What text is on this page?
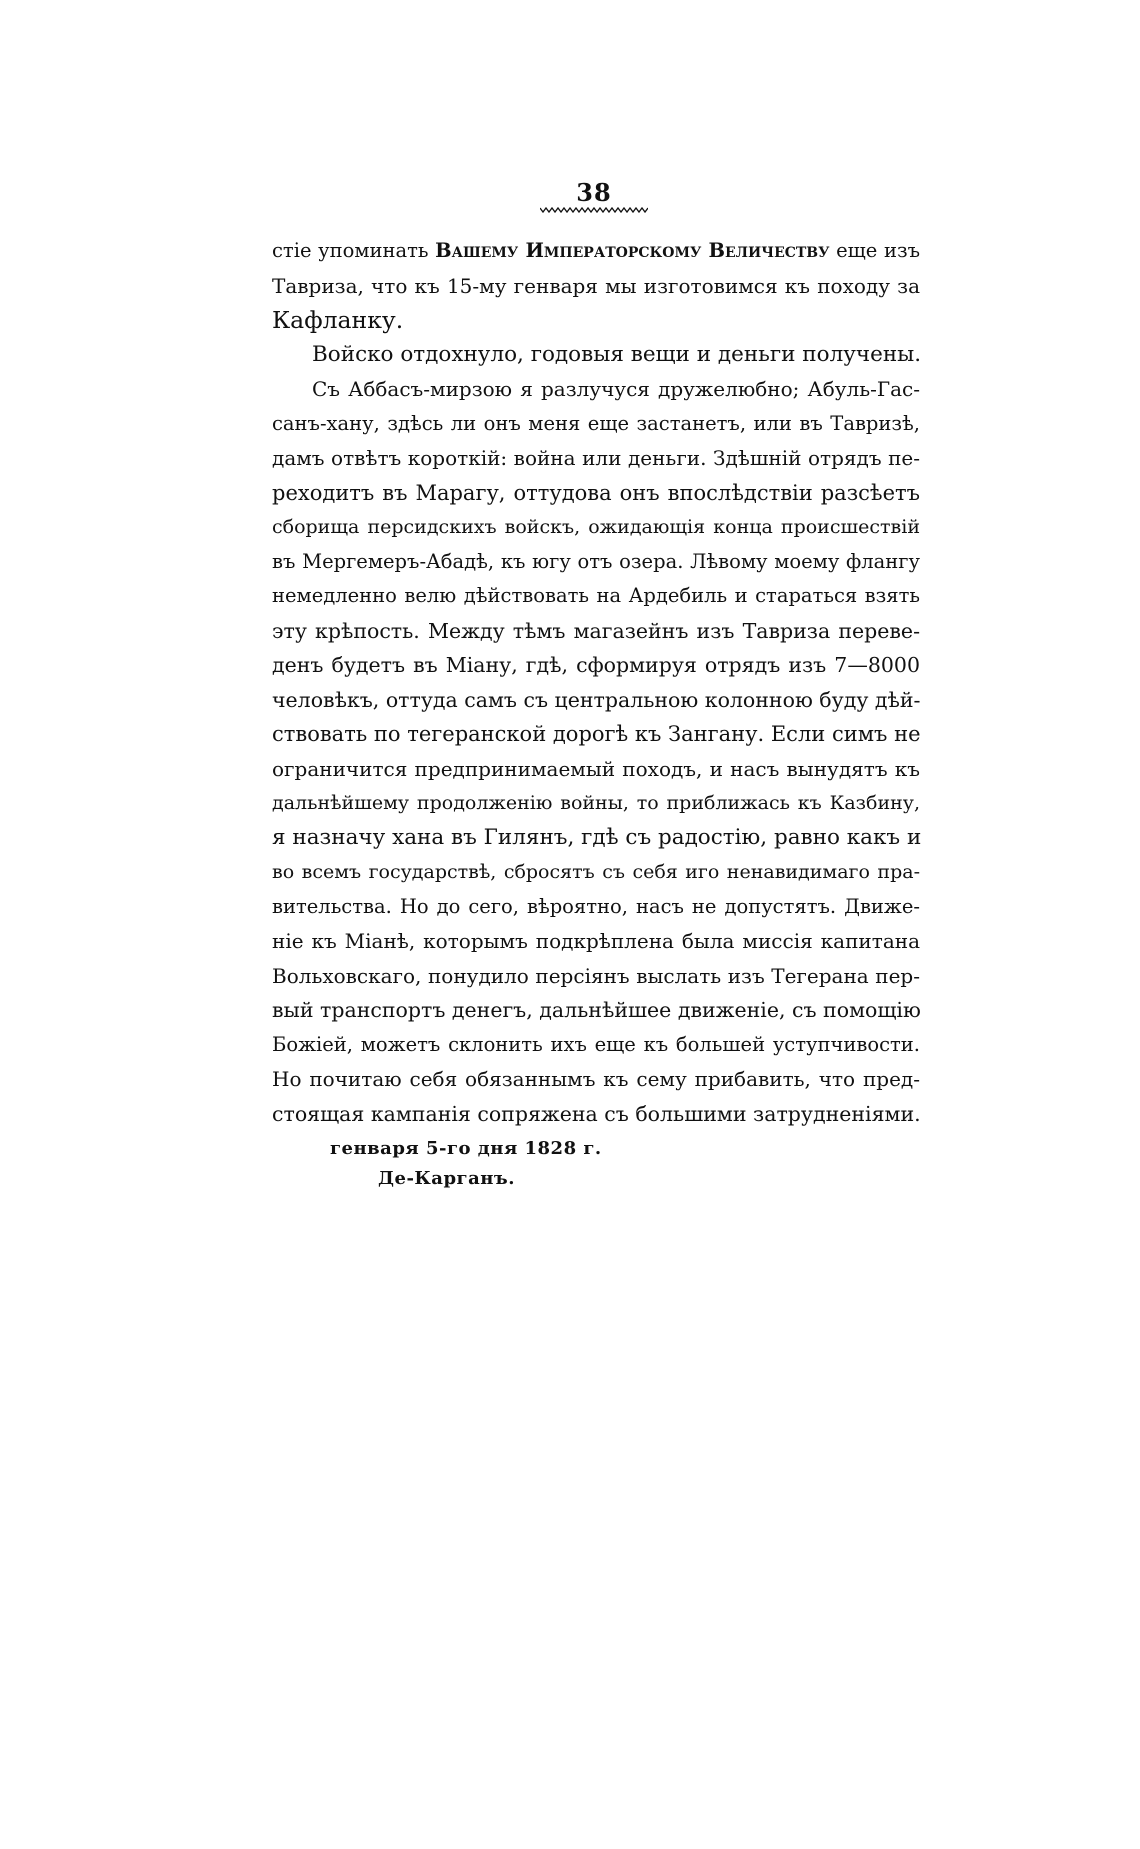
38
стіе упоминать Вашему Императорскому Величеству еще изъ
Тавриза, что къ 15-му генваря мы изготовимся къ походу за
Кафланку.
Войско отдохнуло, годовыя вещи и деньги получены.
Съ Аббасъ-мирзою я разлучуся дружелюбно; Абуль-Гас-
санъ-хану, здѣсь ли онъ меня еще застанетъ, или въ Тавризѣ,
дамъ отвѣтъ короткій: война или деньги. Здѣшній отрядъ пе-
реходитъ въ Марагу, оттудова онъ впослѣдствіи разсѣетъ
сборища персидскихъ войскъ, ожидающія конца происшествій
въ Мергемеръ-Абадѣ, къ югу отъ озера. Лѣвому моему флангу
немедленно велю дѣйствовать на Ардебиль и стараться взять
эту крѣпость. Между тѣмъ магазейнъ изъ Тавриза переве-
денъ будетъ въ Міану, гдѣ, сформируя отрядъ изъ 7—8000
человѣкъ, оттуда самъ съ центральною колонною буду дѣй-
ствовать по тегеранской дорогѣ къ Зангану. Если симъ не
ограничится предпринимаемый походъ, и насъ вынудятъ къ
дальнѣйшему продолженію войны, то приближась къ Казбину,
я назначу хана въ Гилянъ, гдѣ съ радостію, равно какъ и
во всемъ государствѣ, сбросятъ съ себя иго ненавидимаго пра-
вительства. Но до сего, вѣроятно, насъ не допустятъ. Движе-
ніе къ Міанѣ, которымъ подкрѣплена была миссія капитана
Вольховскаго, понудило персіянъ выслать изъ Тегерана пер-
вый транспортъ денегъ, дальнѣйшее движеніе, съ помощію
Божіей, можетъ склонить ихъ еще къ большей уступчивости.
Но почитаю себя обязаннымъ къ сему прибавить, что пред-
стоящая кампанія сопряжена съ большими затрудненіями.
генваря 5-го дня 1828 г.
Де-Карганъ.
